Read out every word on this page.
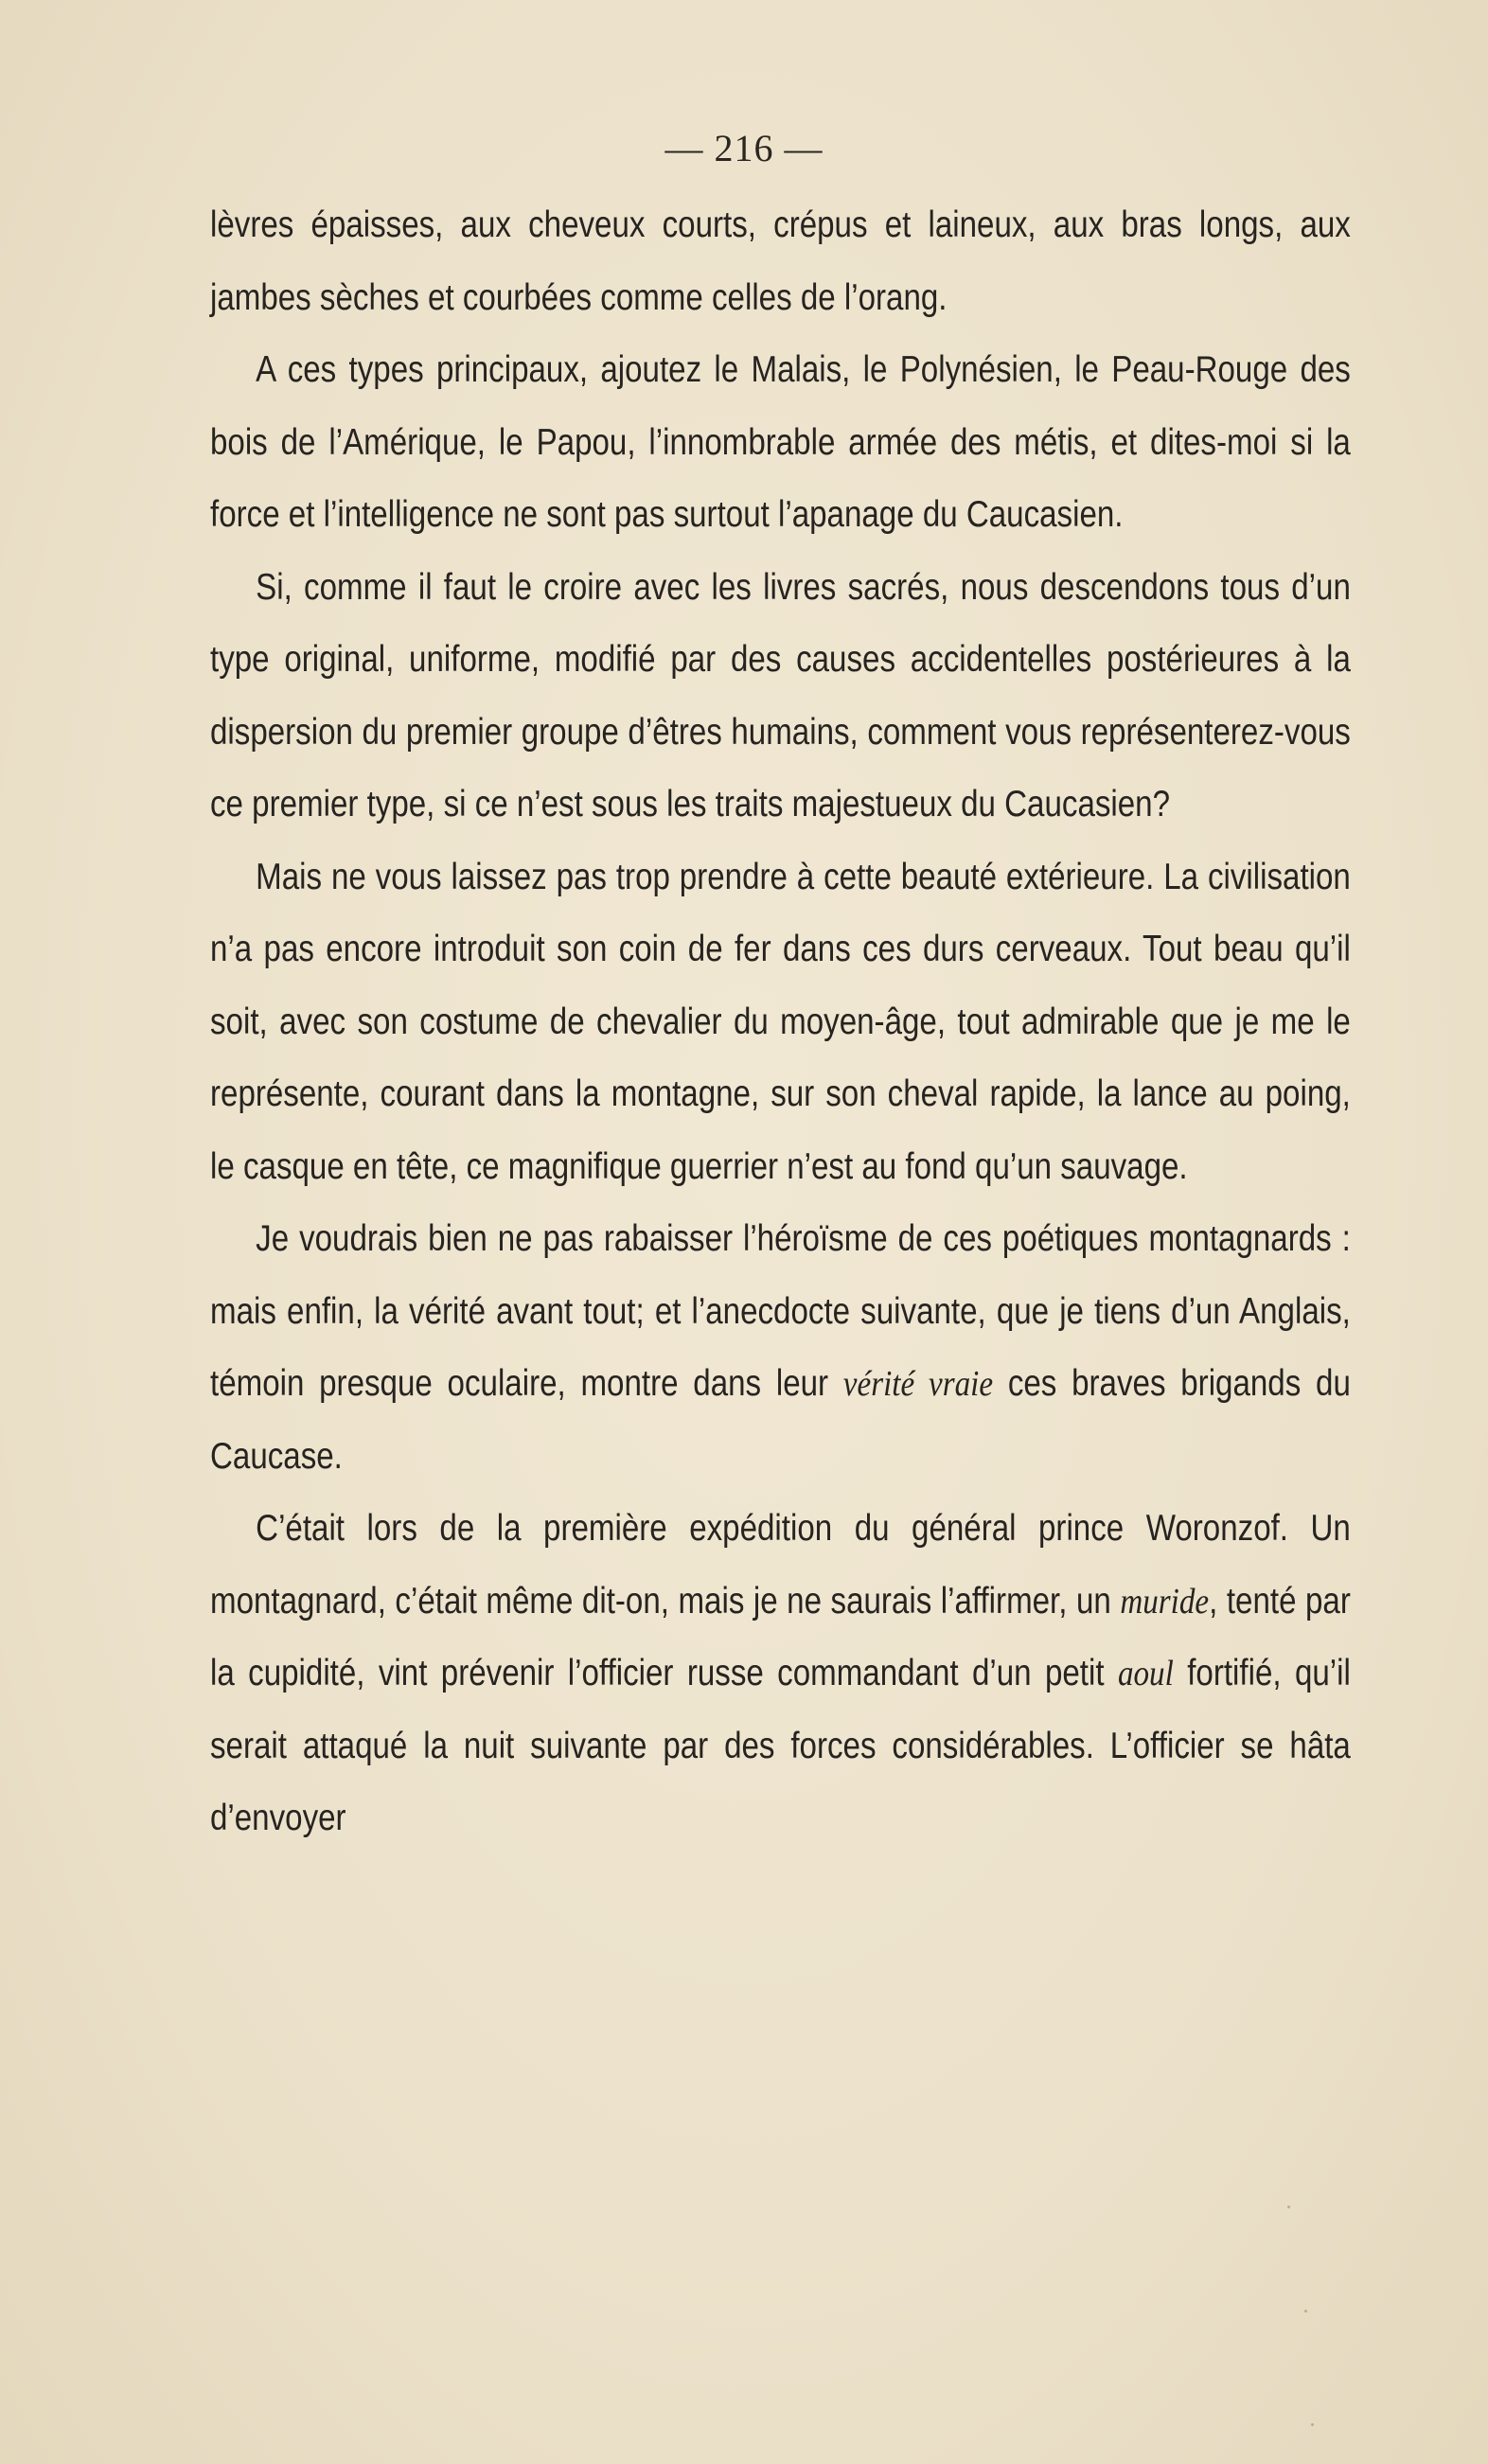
— 216 —

lèvres épaisses, aux cheveux courts, crépus et laineux, aux bras longs, aux jambes sèches et courbées comme celles de l’orang.

A ces types principaux, ajoutez le Malais, le Polynésien, le Peau-Rouge des bois de l’Amérique, le Papou, l’innombrable armée des métis, et dites-moi si la force et l’intelligence ne sont pas surtout l’apanage du Caucasien.

Si, comme il faut le croire avec les livres sacrés, nous descendons tous d’un type original, uniforme, modifié par des causes accidentelles postérieures à la dispersion du premier groupe d’êtres humains, comment vous représenterez-vous ce premier type, si ce n’est sous les traits majestueux du Caucasien?

Mais ne vous laissez pas trop prendre à cette beauté extérieure. La civilisation n’a pas encore introduit son coin de fer dans ces durs cerveaux. Tout beau qu’il soit, avec son costume de chevalier du moyen-âge, tout admirable que je me le représente, courant dans la montagne, sur son cheval rapide, la lance au poing, le casque en tête, ce magnifique guerrier n’est au fond qu’un sauvage.

Je voudrais bien ne pas rabaisser l’héroïsme de ces poétiques montagnards : mais enfin, la vérité avant tout; et l’anecdocte suivante, que je tiens d’un Anglais, témoin presque oculaire, montre dans leur vérité vraie ces braves brigands du Caucase.

C’était lors de la première expédition du général prince Woronzof. Un montagnard, c’était même dit-on, mais je ne saurais l’affirmer, un muride, tenté par la cupidité, vint prévenir l’officier russe commandant d’un petit aoul fortifié, qu’il serait attaqué la nuit suivante par des forces considérables. L’officier se hâta d’envoyer
